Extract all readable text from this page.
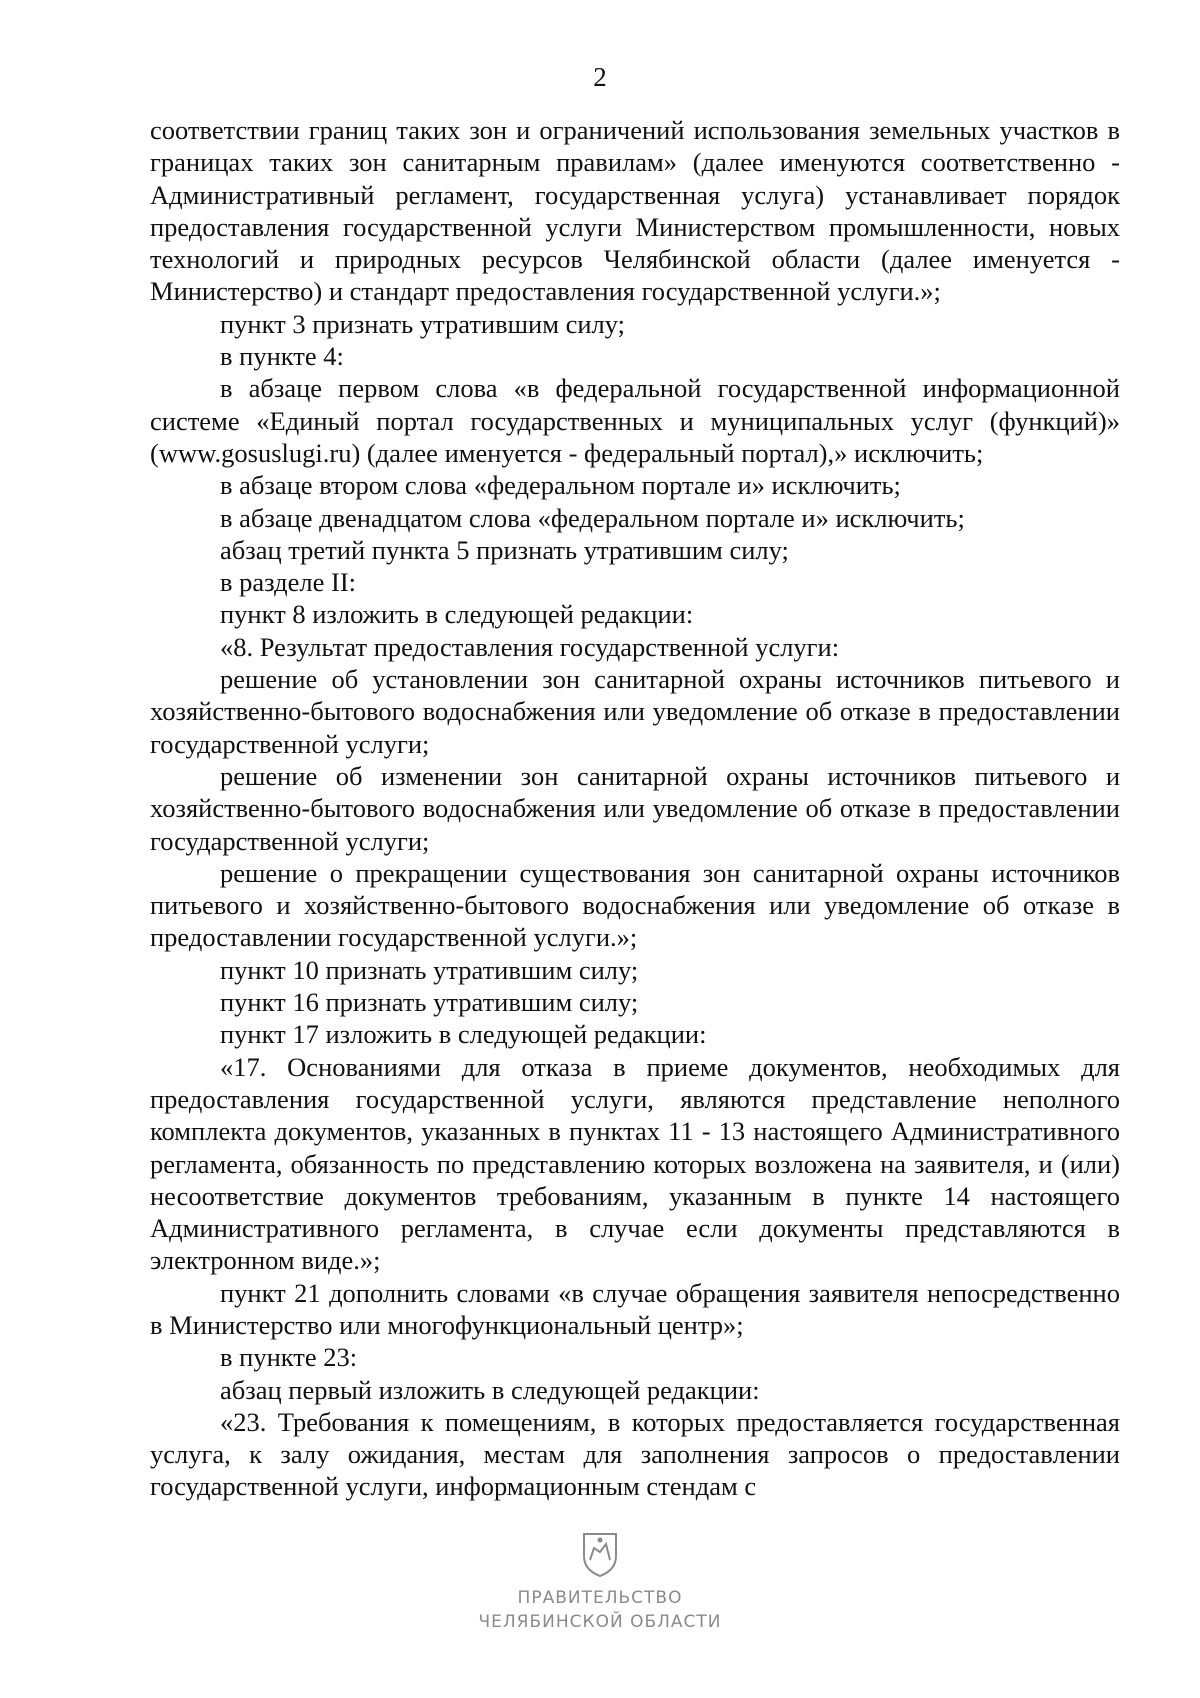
2

соответствии границ таких зон и ограничений использования земельных участков в границах таких зон санитарным правилам» (далее именуются соответственно - Административный регламент, государственная услуга) устанавливает порядок предоставления государственной услуги Министерством промышленности, новых технологий и природных ресурсов Челябинской области (далее именуется - Министерство) и стандарт предоставления государственной услуги.»;

пункт 3 признать утратившим силу;

в пункте 4:

в абзаце первом слова «в федеральной государственной информационной системе «Единый портал государственных и муниципальных услуг (функций)» (www.gosuslugi.ru) (далее именуется - федеральный портал),» исключить;

в абзаце втором слова «федеральном портале и» исключить;

в абзаце двенадцатом слова «федеральном портале и» исключить;

абзац третий пункта 5 признать утратившим силу;

в разделе II:

пункт 8 изложить в следующей редакции:

«8. Результат предоставления государственной услуги:

решение об установлении зон санитарной охраны источников питьевого и хозяйственно-бытового водоснабжения или уведомление об отказе в предоставлении государственной услуги;

решение об изменении зон санитарной охраны источников питьевого и хозяйственно-бытового водоснабжения или уведомление об отказе в предоставлении государственной услуги;

решение о прекращении существования зон санитарной охраны источников питьевого и хозяйственно-бытового водоснабжения или уведомление об отказе в предоставлении государственной услуги.»;

пункт 10 признать утратившим силу;

пункт 16 признать утратившим силу;

пункт 17 изложить в следующей редакции:

«17. Основаниями для отказа в приеме документов, необходимых для предоставления государственной услуги, являются представление неполного комплекта документов, указанных в пунктах 11 - 13 настоящего Административного регламента, обязанность по представлению которых возложена на заявителя, и (или) несоответствие документов требованиям, указанным в пункте 14 настоящего Административного регламента, в случае если документы представляются в электронном виде.»;

пункт 21 дополнить словами «в случае обращения заявителя непосредственно в Министерство или многофункциональный центр»;

в пункте 23:

абзац первый изложить в следующей редакции:

«23. Требования к помещениям, в которых предоставляется государственная услуга, к залу ожидания, местам для заполнения запросов о предоставлении государственной услуги, информационным стендам с

ПРАВИТЕЛЬСТВО
ЧЕЛЯБИНСКОЙ ОБЛАСТИ
